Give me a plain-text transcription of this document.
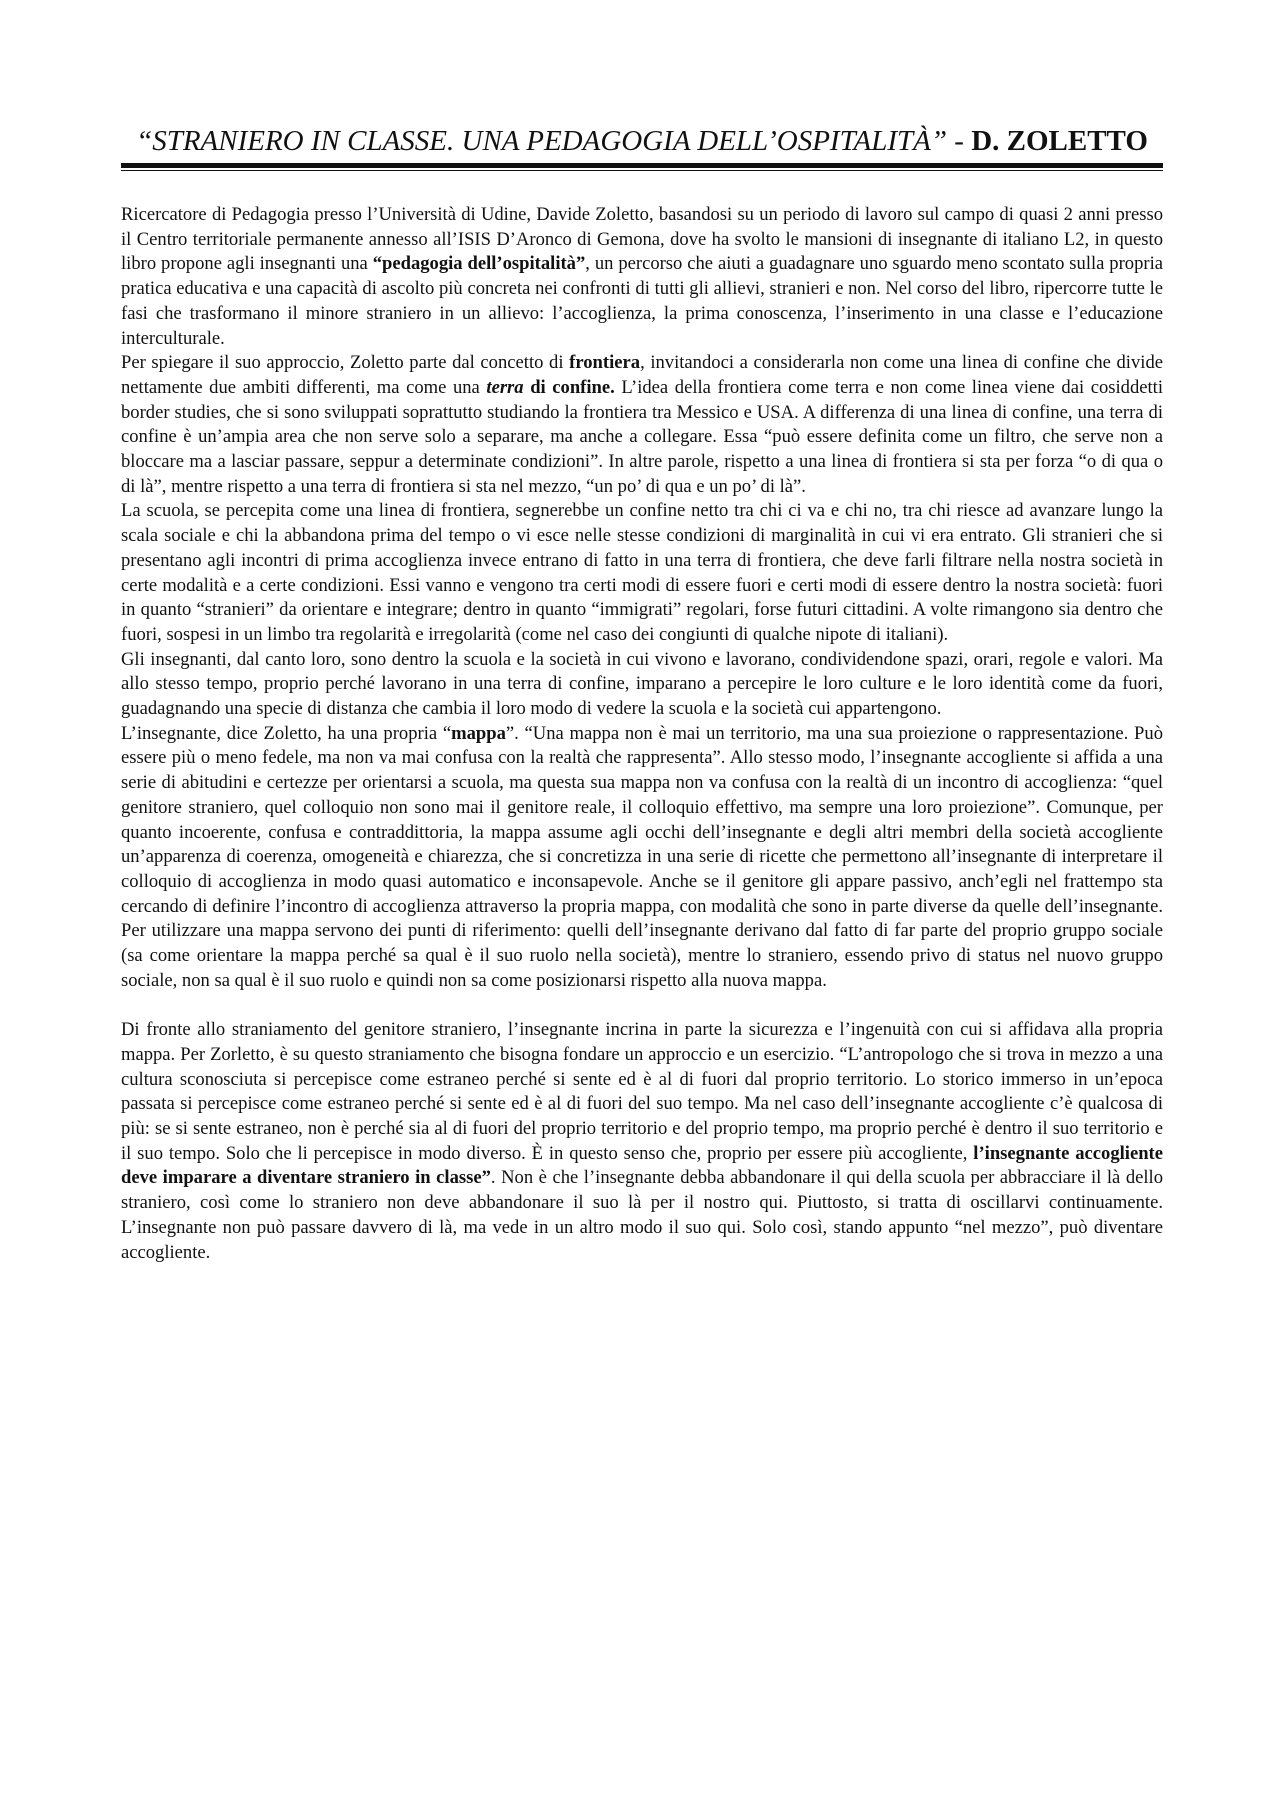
“STRANIERO IN CLASSE. UNA PEDAGOGIA DELL’OSPITALITÀ” - D. ZOLETTO

Ricercatore di Pedagogia presso l’Università di Udine, Davide Zoletto, basandosi su un periodo di lavoro sul campo di quasi 2 anni presso il Centro territoriale permanente annesso all’ISIS D’Aronco di Gemona, dove ha svolto le mansioni di insegnante di italiano L2, in questo libro propone agli insegnanti una “pedagogia dell’ospitalità”, un percorso che aiuti a guadagnare uno sguardo meno scontato sulla propria pratica educativa e una capacità di ascolto più concreta nei confronti di tutti gli allievi, stranieri e non. Nel corso del libro, ripercorre tutte le fasi che trasformano il minore straniero in un allievo: l’accoglienza, la prima conoscenza, l’inserimento in una classe e l’educazione interculturale.

Per spiegare il suo approccio, Zoletto parte dal concetto di frontiera, invitandoci a considerarla non come una linea di confine che divide nettamente due ambiti differenti, ma come una terra di confine. L’idea della frontiera come terra e non come linea viene dai cosiddetti border studies, che si sono sviluppati soprattutto studiando la frontiera tra Messico e USA. A differenza di una linea di confine, una terra di confine è un’ampia area che non serve solo a separare, ma anche a collegare. Essa “può essere definita come un filtro, che serve non a bloccare ma a lasciar passare, seppur a determinate condizioni”. In altre parole, rispetto a una linea di frontiera si sta per forza “o di qua o di là”, mentre rispetto a una terra di frontiera si sta nel mezzo, “un po’ di qua e un po’ di là”.

La scuola, se percepita come una linea di frontiera, segnerebbe un confine netto tra chi ci va e chi no, tra chi riesce ad avanzare lungo la scala sociale e chi la abbandona prima del tempo o vi esce nelle stesse condizioni di marginalità in cui vi era entrato. Gli stranieri che si presentano agli incontri di prima accoglienza invece entrano di fatto in una terra di frontiera, che deve farli filtrare nella nostra società in certe modalità e a certe condizioni. Essi vanno e vengono tra certi modi di essere fuori e certi modi di essere dentro la nostra società: fuori in quanto “stranieri” da orientare e integrare; dentro in quanto “immigrati” regolari, forse futuri cittadini. A volte rimangono sia dentro che fuori, sospesi in un limbo tra regolarità e irregolarità (come nel caso dei congiunti di qualche nipote di italiani).

Gli insegnanti, dal canto loro, sono dentro la scuola e la società in cui vivono e lavorano, condividendone spazi, orari, regole e valori. Ma allo stesso tempo, proprio perché lavorano in una terra di confine, imparano a percepire le loro culture e le loro identità come da fuori, guadagnando una specie di distanza che cambia il loro modo di vedere la scuola e la società cui appartengono.

L’insegnante, dice Zoletto, ha una propria “mappa”. “Una mappa non è mai un territorio, ma una sua proiezione o rappresentazione. Può essere più o meno fedele, ma non va mai confusa con la realtà che rappresenta”. Allo stesso modo, l’insegnante accogliente si affida a una serie di abitudini e certezze per orientarsi a scuola, ma questa sua mappa non va confusa con la realtà di un incontro di accoglienza: “quel genitore straniero, quel colloquio non sono mai il genitore reale, il colloquio effettivo, ma sempre una loro proiezione”. Comunque, per quanto incoerente, confusa e contraddittoria, la mappa assume agli occhi dell’insegnante e degli altri membri della società accogliente un’apparenza di coerenza, omogeneità e chiarezza, che si concretizza in una serie di ricette che permettono all’insegnante di interpretare il colloquio di accoglienza in modo quasi automatico e inconsapevole. Anche se il genitore gli appare passivo, anch’egli nel frattempo sta cercando di definire l’incontro di accoglienza attraverso la propria mappa, con modalità che sono in parte diverse da quelle dell’insegnante. Per utilizzare una mappa servono dei punti di riferimento: quelli dell’insegnante derivano dal fatto di far parte del proprio gruppo sociale (sa come orientare la mappa perché sa qual è il suo ruolo nella società), mentre lo straniero, essendo privo di status nel nuovo gruppo sociale, non sa qual è il suo ruolo e quindi non sa come posizionarsi rispetto alla nuova mappa.

Di fronte allo straniamento del genitore straniero, l’insegnante incrina in parte la sicurezza e l’ingenuità con cui si affidava alla propria mappa. Per Zorletto, è su questo straniamento che bisogna fondare un approccio e un esercizio. “L’antropologo che si trova in mezzo a una cultura sconosciuta si percepisce come estraneo perché si sente ed è al di fuori dal proprio territorio. Lo storico immerso in un’epoca passata si percepisce come estraneo perché si sente ed è al di fuori del suo tempo. Ma nel caso dell’insegnante accogliente c’è qualcosa di più: se si sente estraneo, non è perché sia al di fuori del proprio territorio e del proprio tempo, ma proprio perché è dentro il suo territorio e il suo tempo. Solo che li percepisce in modo diverso. È in questo senso che, proprio per essere più accogliente, l’insegnante accogliente deve imparare a diventare straniero in classe”. Non è che l’insegnante debba abbandonare il qui della scuola per abbracciare il là dello straniero, così come lo straniero non deve abbandonare il suo là per il nostro qui. Piuttosto, si tratta di oscillarvi continuamente. L’insegnante non può passare davvero di là, ma vede in un altro modo il suo qui. Solo così, stando appunto “nel mezzo”, può diventare accogliente.
